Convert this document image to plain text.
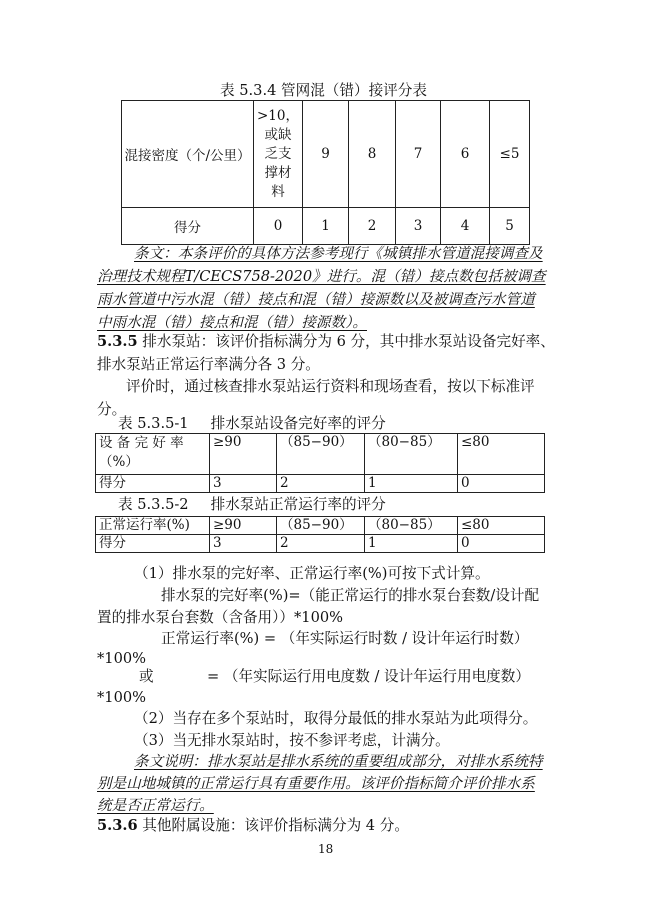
表 5.3.4 管网混（错）接评分表
混接密度（个/公里）	>10，
或缺
乏支
撑材
料	9	8	7	6	≤5
得分	0	1	2	3	4	5
条文：本条评价的具体方法参考现行《城镇排水管道混接调查及
治理技术规程T/CECS758-2020》进行。混（错）接点数包括被调查
雨水管道中污水混（错）接点和混（错）接源数以及被调查污水管道
中雨水混（错）接点和混（错）接源数）。
5.3.5 排水泵站：该评价指标满分为 6 分，其中排水泵站设备完好率、
排水泵站正常运行率满分各 3 分。
评价时，通过核查排水泵站运行资料和现场查看，按以下标准评
分。
表 5.3.5-1 排水泵站设备完好率的评分
设 备 完 好 率
（%）	≥90	（85−90）	（80−85）	≤80
得分	3	2	1	0
表 5.3.5-2 排水泵站正常运行率的评分
正常运行率(%)	≥90	（85−90）	（80−85）	≤80
得分	3	2	1	0
（1）排水泵的完好率、正常运行率(%)可按下式计算。
排水泵的完好率(%)=（能正常运行的排水泵台套数/设计配
置的排水泵台套数（含备用））*100%
正常运行率(%) = （年实际运行时数 / 设计年运行时数）
*100%
或	= （年实际运行用电度数 / 设计年运行用电度数）
*100%
（2）当存在多个泵站时，取得分最低的排水泵站为此项得分。
（3）当无排水泵站时，按不参评考虑，计满分。
条文说明：排水泵站是排水系统的重要组成部分，对排水系统特
别是山地城镇的正常运行具有重要作用。该评价指标简介评价排水系
统是否正常运行。
5.3.6 其他附属设施：该评价指标满分为 4 分。
18
